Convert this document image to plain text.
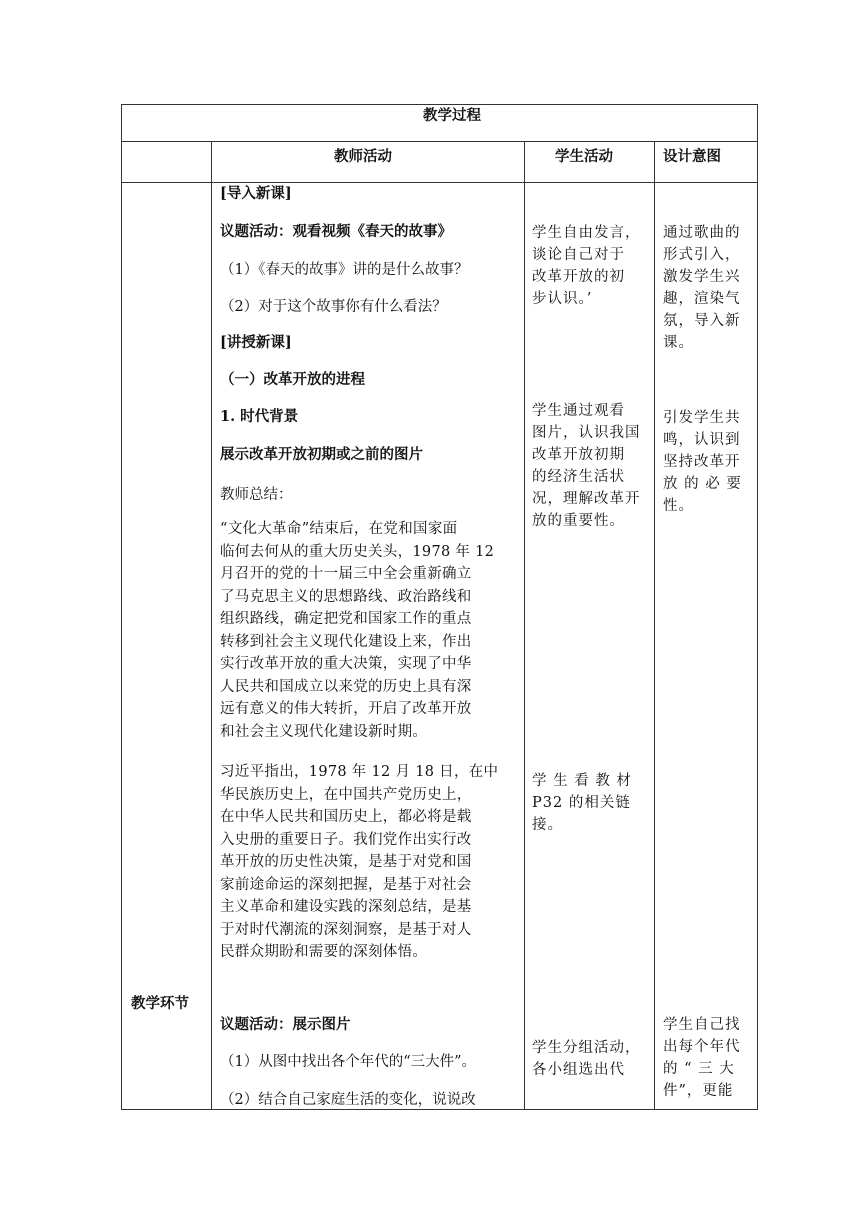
教学过程
教师活动	学生活动	设计意图
教学环节
[导入新课]
议题活动：观看视频《春天的故事》
（1）《春天的故事》讲的是什么故事？
（2）对于这个故事你有什么看法？
[讲授新课]
（一）改革开放的进程
1. 时代背景
展示改革开放初期或之前的图片
教师总结：
“文化大革命”结束后，在党和国家面
临何去何从的重大历史关头，1978 年 12
月召开的党的十一届三中全会重新确立
了马克思主义的思想路线、政治路线和
组织路线，确定把党和国家工作的重点
转移到社会主义现代化建设上来，作出
实行改革开放的重大决策，实现了中华
人民共和国成立以来党的历史上具有深
远有意义的伟大转折，开启了改革开放
和社会主义现代化建设新时期。
习近平指出，1978 年 12 月 18 日，在中
华民族历史上，在中国共产党历史上，
在中华人民共和国历史上，都必将是载
入史册的重要日子。我们党作出实行改
革开放的历史性决策，是基于对党和国
家前途命运的深刻把握，是基于对社会
主义革命和建设实践的深刻总结，是基
于对时代潮流的深刻洞察，是基于对人
民群众期盼和需要的深刻体悟。
议题活动：展示图片
（1）从图中找出各个年代的“三大件”。
（2）结合自己家庭生活的变化，说说改
学生自由发言，
谈论自己对于
改革开放的初
步认识。’
学生通过观看
图片，认识我国
改革开放初期
的经济生活状
况，理解改革开
放的重要性。
学 生 看 教 材
P32 的相关链
接。
学生分组活动，
各小组选出代
通过歌曲的
形式引入，
激发学生兴
趣，渲染气
氛，导入新
课。
引发学生共
鸣，认识到
坚持改革开
放 的 必 要
性。
学生自己找
出每个年代
的 “ 三 大
件”，更能
